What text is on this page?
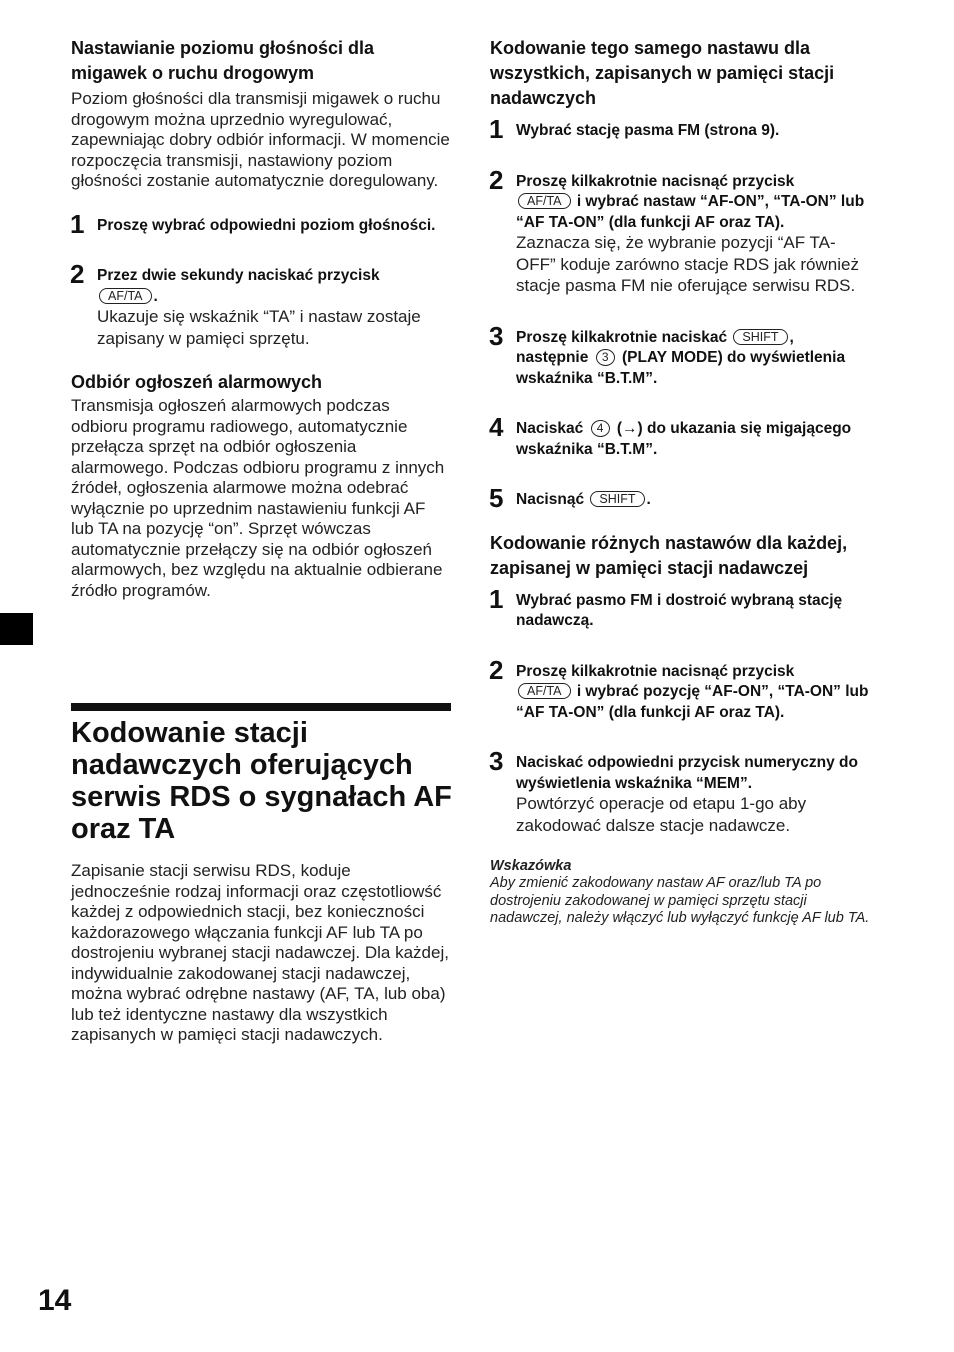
Nastawianie poziomu głośności dla migawek o ruchu drogowym

Poziom głośności dla transmisji migawek o ruchu drogowym można uprzednio wyregulować, zapewniając dobry odbiór informacji. W momencie rozpoczęcia transmisji, nastawiony poziom głośności zostanie automatycznie doregulowany.

1 Proszę wybrać odpowiedni poziom głośności.
2 Przez dwie sekundy naciskać przycisk
AF/TA .
Ukazuje się wskaźnik “TA” i nastaw zostaje zapisany w pamięci sprzętu.

Odbiór ogłoszeń alarmowych

Transmisja ogłoszeń alarmowych podczas odbioru programu radiowego, automatycznie przełącza sprzęt na odbiór ogłoszenia alarmowego. Podczas odbioru programu z innych źródeł, ogłoszenia alarmowe można odebrać wyłącznie po uprzednim nastawieniu funkcji AF lub TA na pozycję “on”. Sprzęt wówczas automatycznie przełączy się na odbiór ogłoszeń alarmowych, bez względu na aktualnie odbierane źródło programów.

Kodowanie stacji nadawczych oferujących serwis RDS o sygnałach AF oraz TA

Zapisanie stacji serwisu RDS, koduje jednocześnie rodzaj informacji oraz częstotliowść każdej z odpowiednich stacji, bez konieczności każdorazowego włączania funkcji AF lub TA po dostrojeniu wybranej stacji nadawczej. Dla każdej, indywidualnie zakodowanej stacji nadawczej, można wybrać odrębne nastawy (AF, TA, lub oba) lub też identyczne nastawy dla wszystkich zapisanych w pamięci stacji nadawczych.

Kodowanie tego samego nastawu dla wszystkich, zapisanych w pamięci stacji nadawczych

1 Wybrać stację pasma FM (strona 9).
2 Proszę kilkakrotnie nacisnąć przycisk
AF/TA i wybrać nastaw “AF-ON”, “TA-ON” lub “AF TA-ON” (dla funkcji AF oraz TA).
Zaznacza się, że wybranie pozycji “AF TA-OFF” koduje zarówno stacje RDS jak również stacje pasma FM nie oferujące serwisu RDS.
3 Proszę kilkakrotnie naciskać SHIFT , następnie 3 (PLAY MODE) do wyświetlenia wskaźnika “B.T.M”.
4 Naciskać 4 (→) do ukazania się migającego wskaźnika “B.T.M”.
5 Nacisnąć SHIFT .

Kodowanie różnych nastawów dla każdej, zapisanej w pamięci stacji nadawczej

1 Wybrać pasmo FM i dostroić wybraną stację nadawczą.
2 Proszę kilkakrotnie nacisnąć przycisk
AF/TA i wybrać pozycję “AF-ON”, “TA-ON” lub “AF TA-ON” (dla funkcji AF oraz TA).
3 Naciskać odpowiedni przycisk numeryczny do wyświetlenia wskaźnika “MEM”.
Powtórzyć operacje od etapu 1-go aby zakodować dalsze stacje nadawcze.
Wskazówka
Aby zmienić zakodowany nastaw AF oraz/lub TA po dostrojeniu zakodowanej w pamięci sprzętu stacji nadawczej, należy włączyć lub wyłączyć funkcję AF lub TA.
14
